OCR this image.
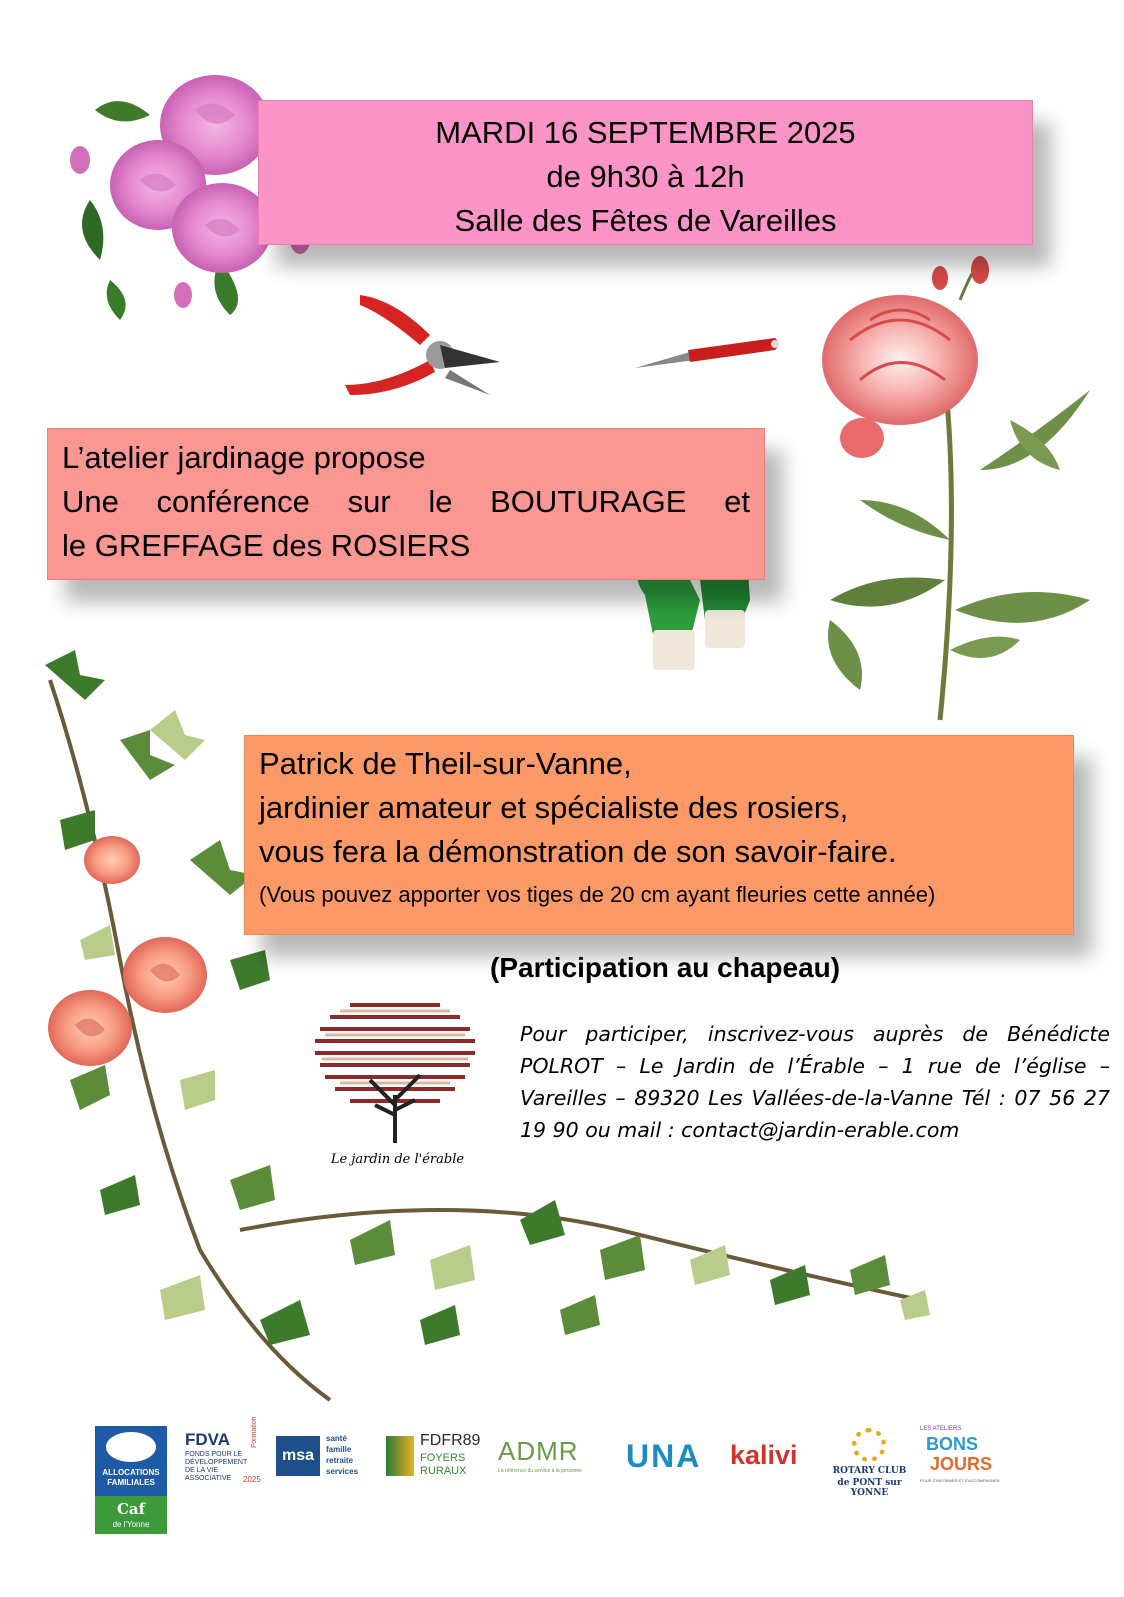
MARDI 16 SEPTEMBRE 2025
de 9h30 à 12h
Salle des Fêtes de Vareilles
L’atelier jardinage propose
Une conférence sur le BOUTURAGE et
le GREFFAGE des ROSIERS
Patrick de Theil-sur-Vanne,
jardinier amateur et spécialiste des rosiers,
vous fera la démonstration de son savoir-faire.
(Vous pouvez apporter vos tiges de 20 cm ayant fleuries cette année)
(Participation au chapeau)
Le jardin de l'érable
Pour participer, inscrivez-vous auprès de Bénédicte POLROT – Le Jardin de l’Érable – 1 rue de l’église – Vareilles – 89320 Les Vallées-de-la-Vanne Tél : 07 56 27 19 90 ou mail : contact@jardin-erable.com
ALLOCATIONS
FAMILIALES
Caf
de l'Yonne
FDVA
FONDS POUR LE
DÉVELOPPEMENT
DE LA VIE
ASSOCIATIVE 2025
Formation
msa
santé
famille
retraite
services
FDFR89
FOYERS
RURAUX
ADMR
La référence du service à la personne UNA kalivi
ROTARY CLUB
de PONT sur YONNE
LES ATELIERS
BONS
JOURS
POUR S'INFORMER ET S'ACCOMPAGNER
